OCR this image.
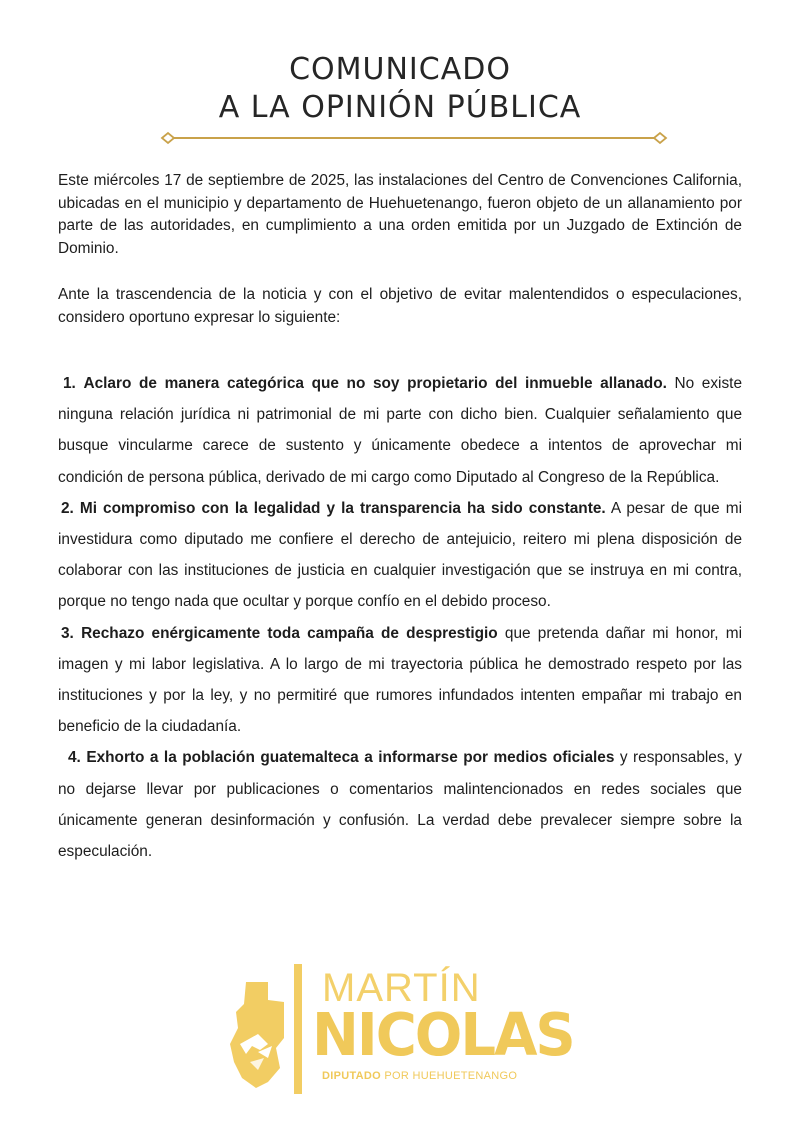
COMUNICADO
A LA OPINIÓN PÚBLICA

Este miércoles 17 de septiembre de 2025, las instalaciones del Centro de Convenciones California, ubicadas en el municipio y departamento de Huehuetenango, fueron objeto de un allanamiento por parte de las autoridades, en cumplimiento a una orden emitida por un Juzgado de Extinción de Dominio.

Ante la trascendencia de la noticia y con el objetivo de evitar malentendidos o especulaciones, considero oportuno expresar lo siguiente:

1. Aclaro de manera categórica que no soy propietario del inmueble allanado. No existe ninguna relación jurídica ni patrimonial de mi parte con dicho bien. Cualquier señalamiento que busque vincularme carece de sustento y únicamente obedece a intentos de aprovechar mi condición de persona pública, derivado de mi cargo como Diputado al Congreso de la República.

2. Mi compromiso con la legalidad y la transparencia ha sido constante. A pesar de que mi investidura como diputado me confiere el derecho de antejuicio, reitero mi plena disposición de colaborar con las instituciones de justicia en cualquier investigación que se instruya en mi contra, porque no tengo nada que ocultar y porque confío en el debido proceso.

3. Rechazo enérgicamente toda campaña de desprestigio que pretenda dañar mi honor, mi imagen y mi labor legislativa. A lo largo de mi trayectoria pública he demostrado respeto por las instituciones y por la ley, y no permitiré que rumores infundados intenten empañar mi trabajo en beneficio de la ciudadanía.

4. Exhorto a la población guatemalteca a informarse por medios oficiales y responsables, y no dejarse llevar por publicaciones o comentarios malintencionados en redes sociales que únicamente generan desinformación y confusión. La verdad debe prevalecer siempre sobre la especulación.

MARTÍN
NICOLAS
DIPUTADO POR HUEHUETENANGO
